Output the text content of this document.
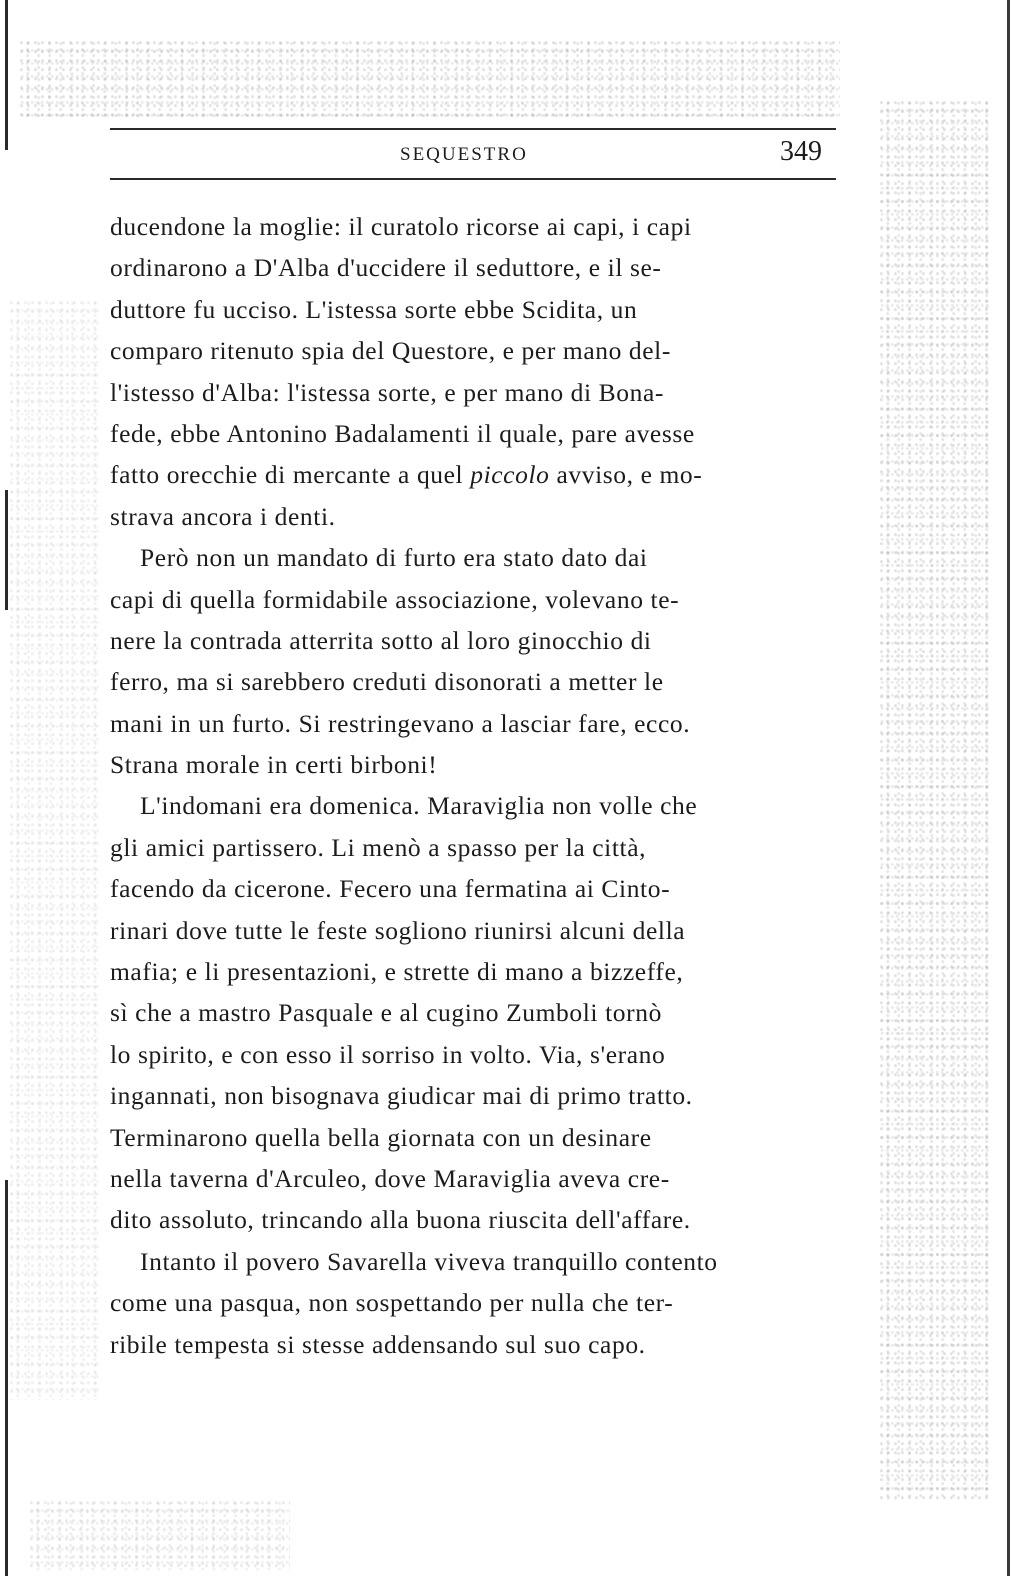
SEQUESTRO	349
ducendone la moglie: il curatolo ricorse ai capi, i capi
ordinarono a D'Alba d'uccidere il seduttore, e il se-
duttore fu ucciso. L'istessa sorte ebbe Scidita, un
comparo ritenuto spia del Questore, e per mano del-
l'istesso d'Alba: l'istessa sorte, e per mano di Bona-
fede, ebbe Antonino Badalamenti il quale, pare avesse
fatto orecchie di mercante a quel piccolo avviso, e mo-
strava ancora i denti.
Però non un mandato di furto era stato dato dai
capi di quella formidabile associazione, volevano te-
nere la contrada atterrita sotto al loro ginocchio di
ferro, ma si sarebbero creduti disonorati a metter le
mani in un furto. Si restringevano a lasciar fare, ecco.
Strana morale in certi birboni!
L'indomani era domenica. Maraviglia non volle che
gli amici partissero. Li menò a spasso per la città,
facendo da cicerone. Fecero una fermatina ai Cinto-
rinari dove tutte le feste sogliono riunirsi alcuni della
mafia; e li presentazioni, e strette di mano a bizzeffe,
sì che a mastro Pasquale e al cugino Zumboli tornò
lo spirito, e con esso il sorriso in volto. Via, s'erano
ingannati, non bisognava giudicar mai di primo tratto.
Terminarono quella bella giornata con un desinare
nella taverna d'Arculeo, dove Maraviglia aveva cre-
dito assoluto, trincando alla buona riuscita dell'affare.
Intanto il povero Savarella viveva tranquillo contento
come una pasqua, non sospettando per nulla che ter-
ribile tempesta si stesse addensando sul suo capo.
